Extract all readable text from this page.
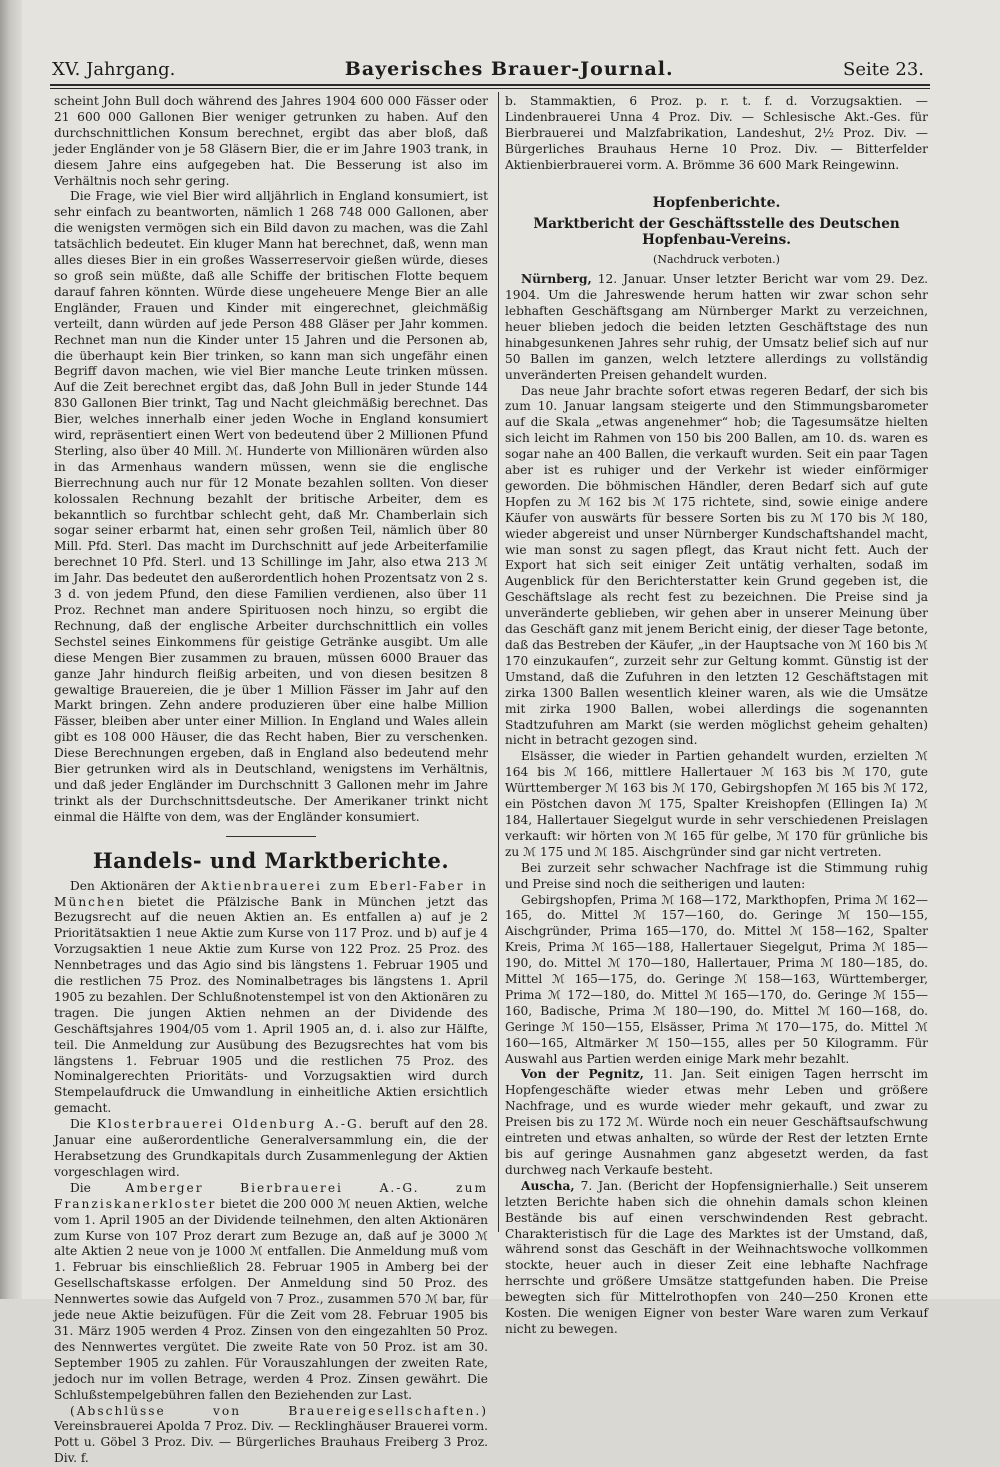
XV. Jahrgang.	Bayerisches Brauer-Journal.	Seite 23.

scheint John Bull doch während des Jahres 1904 600 000 Fässer oder 21 600 000 Gallonen Bier weniger getrunken zu haben. Auf den durchschnittlichen Konsum berechnet, ergibt das aber bloß, daß jeder Engländer von je 58 Gläsern Bier, die er im Jahre 1903 trank, in diesem Jahre eins aufgegeben hat. Die Besserung ist also im Verhältnis noch sehr gering.

Die Frage, wie viel Bier wird alljährlich in England konsumiert, ist sehr einfach zu beantworten, nämlich 1 268 748 000 Gallonen, aber die wenigsten vermögen sich ein Bild davon zu machen, was die Zahl tatsächlich bedeutet. Ein kluger Mann hat berechnet, daß, wenn man alles dieses Bier in ein großes Wasserreservoir gießen würde, dieses so groß sein müßte, daß alle Schiffe der britischen Flotte bequem darauf fahren könnten. Würde diese ungeheuere Menge Bier an alle Engländer, Frauen und Kinder mit eingerechnet, gleichmäßig verteilt, dann würden auf jede Person 488 Gläser per Jahr kommen. Rechnet man nun die Kinder unter 15 Jahren und die Personen ab, die überhaupt kein Bier trinken, so kann man sich ungefähr einen Begriff davon machen, wie viel Bier manche Leute trinken müssen. Auf die Zeit berechnet ergibt das, daß John Bull in jeder Stunde 144 830 Gallonen Bier trinkt, Tag und Nacht gleichmäßig berechnet. Das Bier, welches innerhalb einer jeden Woche in England konsumiert wird, repräsentiert einen Wert von bedeutend über 2 Millionen Pfund Sterling, also über 40 Mill. ℳ. Hunderte von Millionären würden also in das Armenhaus wandern müssen, wenn sie die englische Bierrechnung auch nur für 12 Monate bezahlen sollten. Von dieser kolossalen Rechnung bezahlt der britische Arbeiter, dem es bekanntlich so furchtbar schlecht geht, daß Mr. Chamberlain sich sogar seiner erbarmt hat, einen sehr großen Teil, nämlich über 80 Mill. Pfd. Sterl. Das macht im Durchschnitt auf jede Arbeiterfamilie berechnet 10 Pfd. Sterl. und 13 Schillinge im Jahr, also etwa 213 ℳ im Jahr. Das bedeutet den außerordentlich hohen Prozentsatz von 2 s. 3 d. von jedem Pfund, den diese Familien verdienen, also über 11 Proz. Rechnet man andere Spirituosen noch hinzu, so ergibt die Rechnung, daß der englische Arbeiter durchschnittlich ein volles Sechstel seines Einkommens für geistige Getränke ausgibt. Um alle diese Mengen Bier zusammen zu brauen, müssen 6000 Brauer das ganze Jahr hindurch fleißig arbeiten, und von diesen besitzen 8 gewaltige Brauereien, die je über 1 Million Fässer im Jahr auf den Markt bringen. Zehn andere produzieren über eine halbe Million Fässer, bleiben aber unter einer Million. In England und Wales allein gibt es 108 000 Häuser, die das Recht haben, Bier zu verschenken. Diese Berechnungen ergeben, daß in England also bedeutend mehr Bier getrunken wird als in Deutschland, wenigstens im Verhältnis, und daß jeder Engländer im Durchschnitt 3 Gallonen mehr im Jahre trinkt als der Durchschnittsdeutsche. Der Amerikaner trinkt nicht einmal die Hälfte von dem, was der Engländer konsumiert.

Handels- und Marktberichte.

Den Aktionären der Aktienbrauerei zum Eberl-Faber in München bietet die Pfälzische Bank in München jetzt das Bezugsrecht auf die neuen Aktien an. Es entfallen a) auf je 2 Prioritätsaktien 1 neue Aktie zum Kurse von 117 Proz. und b) auf je 4 Vorzugsaktien 1 neue Aktie zum Kurse von 122 Proz. 25 Proz. des Nennbetrages und das Agio sind bis längstens 1. Februar 1905 und die restlichen 75 Proz. des Nominalbetrages bis längstens 1. April 1905 zu bezahlen. Der Schlußnotenstempel ist von den Aktionären zu tragen. Die jungen Aktien nehmen an der Dividende des Geschäftsjahres 1904/05 vom 1. April 1905 an, d. i. also zur Hälfte, teil. Die Anmeldung zur Ausübung des Bezugsrechtes hat vom bis längstens 1. Februar 1905 und die restlichen 75 Proz. des Nominalgerechten Prioritäts- und Vorzugsaktien wird durch Stempelaufdruck die Umwandlung in einheitliche Aktien ersichtlich gemacht.

Die Klosterbrauerei Oldenburg A.-G. beruft auf den 28. Januar eine außerordentliche Generalversammlung ein, die der Herabsetzung des Grundkapitals durch Zusammenlegung der Aktien vorgeschlagen wird.

Die Amberger Bierbrauerei A.-G. zum Franziskanerkloster bietet die 200 000 ℳ neuen Aktien, welche vom 1. April 1905 an der Dividende teilnehmen, den alten Aktionären zum Kurse von 107 Proz derart zum Bezuge an, daß auf je 3000 ℳ alte Aktien 2 neue von je 1000 ℳ entfallen. Die Anmeldung muß vom 1. Februar bis einschließlich 28. Februar 1905 in Amberg bei der Gesellschaftskasse erfolgen. Der Anmeldung sind 50 Proz. des Nennwertes sowie das Aufgeld von 7 Proz., zusammen 570 ℳ bar, für jede neue Aktie beizufügen. Für die Zeit vom 28. Februar 1905 bis 31. März 1905 werden 4 Proz. Zinsen von den eingezahlten 50 Proz. des Nennwertes vergütet. Die zweite Rate von 50 Proz. ist am 30. September 1905 zu zahlen. Für Vorauszahlungen der zweiten Rate, jedoch nur im vollen Betrage, werden 4 Proz. Zinsen gewährt. Die Schlußstempelgebühren fallen den Beziehenden zur Last.

(Abschlüsse von Brauereigesellschaften.) Vereinsbrauerei Apolda 7 Proz. Div. — Recklinghäuser Brauerei vorm. Pott u. Göbel 3 Proz. Div. — Bürgerliches Brauhaus Freiberg 3 Proz. Div. f.

b. Stammaktien, 6 Proz. p. r. t. f. d. Vorzugsaktien. — Lindenbrauerei Unna 4 Proz. Div. — Schlesische Akt.-Ges. für Bierbrauerei und Malzfabrikation, Landeshut, 2½ Proz. Div. — Bürgerliches Brauhaus Herne 10 Proz. Div. — Bitterfelder Aktienbierbrauerei vorm. A. Brömme 36 600 Mark Reingewinn.

Hopfenberichte.
Marktbericht der Geschäftsstelle des Deutschen Hopfenbau-Vereins.
(Nachdruck verboten.)

Nürnberg, 12. Januar. Unser letzter Bericht war vom 29. Dez. 1904. Um die Jahreswende herum hatten wir zwar schon sehr lebhaften Geschäftsgang am Nürnberger Markt zu verzeichnen, heuer blieben jedoch die beiden letzten Geschäftstage des nun hinabgesunkenen Jahres sehr ruhig, der Umsatz belief sich auf nur 50 Ballen im ganzen, welch letztere allerdings zu vollständig unveränderten Preisen gehandelt wurden.

Das neue Jahr brachte sofort etwas regeren Bedarf, der sich bis zum 10. Januar langsam steigerte und den Stimmungsbarometer auf die Skala „etwas angenehmer“ hob; die Tagesumsätze hielten sich leicht im Rahmen von 150 bis 200 Ballen, am 10. ds. waren es sogar nahe an 400 Ballen, die verkauft wurden. Seit ein paar Tagen aber ist es ruhiger und der Verkehr ist wieder einförmiger geworden. Die böhmischen Händler, deren Bedarf sich auf gute Hopfen zu ℳ 162 bis ℳ 175 richtete, sind, sowie einige andere Käufer von auswärts für bessere Sorten bis zu ℳ 170 bis ℳ 180, wieder abgereist und unser Nürnberger Kundschaftshandel macht, wie man sonst zu sagen pflegt, das Kraut nicht fett. Auch der Export hat sich seit einiger Zeit untätig verhalten, sodaß im Augenblick für den Berichterstatter kein Grund gegeben ist, die Geschäftslage als recht fest zu bezeichnen. Die Preise sind ja unveränderte geblieben, wir gehen aber in unserer Meinung über das Geschäft ganz mit jenem Bericht einig, der dieser Tage betonte, daß das Bestreben der Käufer, „in der Hauptsache von ℳ 160 bis ℳ 170 einzukaufen“, zurzeit sehr zur Geltung kommt. Günstig ist der Umstand, daß die Zufuhren in den letzten 12 Geschäftstagen mit zirka 1300 Ballen wesentlich kleiner waren, als wie die Umsätze mit zirka 1900 Ballen, wobei allerdings die sogenannten Stadtzufuhren am Markt (sie werden möglichst geheim gehalten) nicht in betracht gezogen sind.

Elsässer, die wieder in Partien gehandelt wurden, erzielten ℳ 164 bis ℳ 166, mittlere Hallertauer ℳ 163 bis ℳ 170, gute Württemberger ℳ 163 bis ℳ 170, Gebirgshopfen ℳ 165 bis ℳ 172, ein Pöstchen davon ℳ 175, Spalter Kreishopfen (Ellingen Ia) ℳ 184, Hallertauer Siegelgut wurde in sehr verschiedenen Preislagen verkauft: wir hörten von ℳ 165 für gelbe, ℳ 170 für grünliche bis zu ℳ 175 und ℳ 185. Aischgründer sind gar nicht vertreten.

Bei zurzeit sehr schwacher Nachfrage ist die Stimmung ruhig und Preise sind noch die seitherigen und lauten:

Gebirgshopfen, Prima ℳ 168—172, Markthopfen, Prima ℳ 162—165, do. Mittel ℳ 157—160, do. Geringe ℳ 150—155, Aischgründer, Prima 165—170, do. Mittel ℳ 158—162, Spalter Kreis, Prima ℳ 165—188, Hallertauer Siegelgut, Prima ℳ 185—190, do. Mittel ℳ 170—180, Hallertauer, Prima ℳ 180—185, do. Mittel ℳ 165—175, do. Geringe ℳ 158—163, Württemberger, Prima ℳ 172—180, do. Mittel ℳ 165—170, do. Geringe ℳ 155—160, Badische, Prima ℳ 180—190, do. Mittel ℳ 160—168, do. Geringe ℳ 150—155, Elsässer, Prima ℳ 170—175, do. Mittel ℳ 160—165, Altmärker ℳ 150—155, alles per 50 Kilogramm. Für Auswahl aus Partien werden einige Mark mehr bezahlt.

Von der Pegnitz, 11. Jan. Seit einigen Tagen herrscht im Hopfengeschäfte wieder etwas mehr Leben und größere Nachfrage, und es wurde wieder mehr gekauft, und zwar zu Preisen bis zu 172 ℳ. Würde noch ein neuer Geschäftsaufschwung eintreten und etwas anhalten, so würde der Rest der letzten Ernte bis auf geringe Ausnahmen ganz abgesetzt werden, da fast durchweg nach Verkaufe besteht.

Auscha, 7. Jan. (Bericht der Hopfensignierhalle.) Seit unserem letzten Berichte haben sich die ohnehin damals schon kleinen Bestände bis auf einen verschwindenden Rest gebracht. Charakteristisch für die Lage des Marktes ist der Umstand, daß, während sonst das Geschäft in der Weihnachtswoche vollkommen stockte, heuer auch in dieser Zeit eine lebhafte Nachfrage herrschte und größere Umsätze stattgefunden haben. Die Preise bewegten sich für Mittelrothopfen von 240—250 Kronen ette Kosten. Die wenigen Eigner von bester Ware waren zum Verkauf nicht zu bewegen.
